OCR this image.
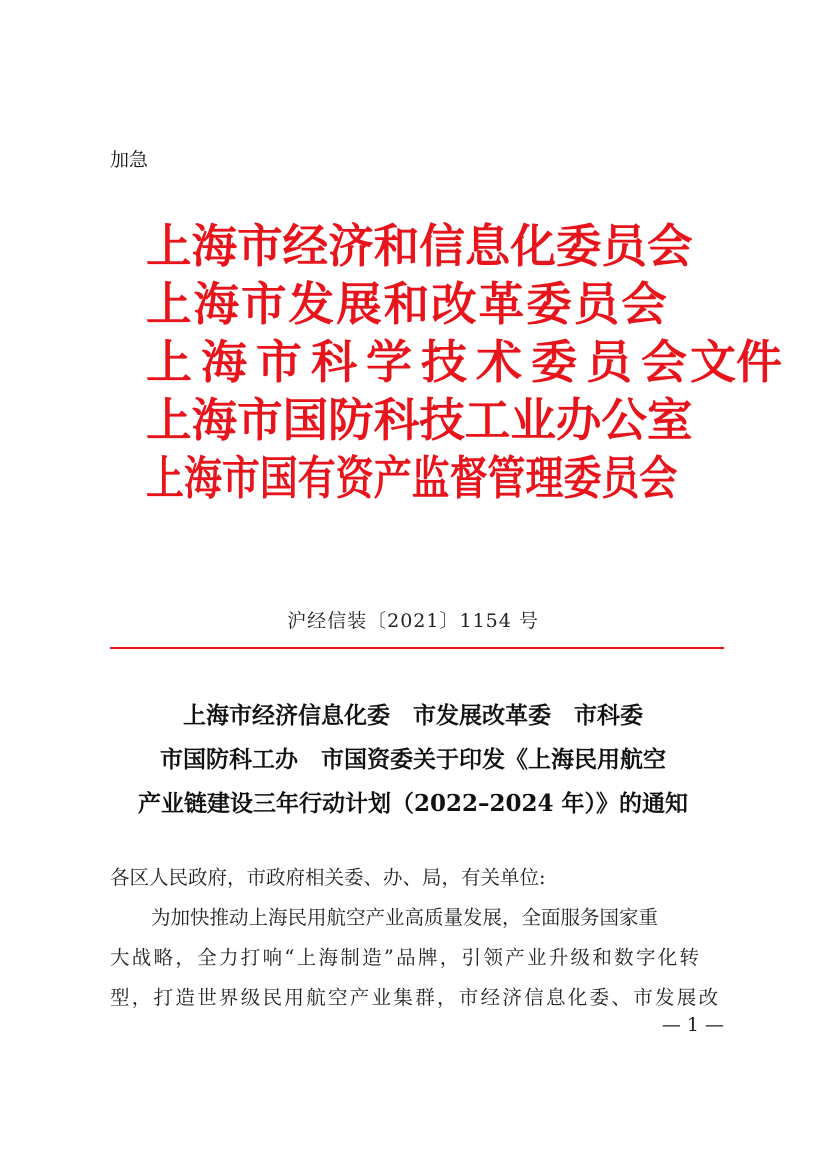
加急
上海市经济和信息化委员会
上海市发展和改革委员会
上海市科学技术委员会文件
上海市国防科技工业办公室
上海市国有资产监督管理委员会
沪经信装〔2021〕1154 号
上海市经济信息化委　市发展改革委　市科委
市国防科工办　市国资委关于印发《上海民用航空
产业链建设三年行动计划（2022–2024 年）》的通知
各区人民政府，市政府相关委、办、局，有关单位:
为加快推动上海民用航空产业高质量发展，全面服务国家重
大战略，全力打响“上海制造”品牌，引领产业升级和数字化转
型，打造世界级民用航空产业集群，市经济信息化委、市发展改
— 1 —
